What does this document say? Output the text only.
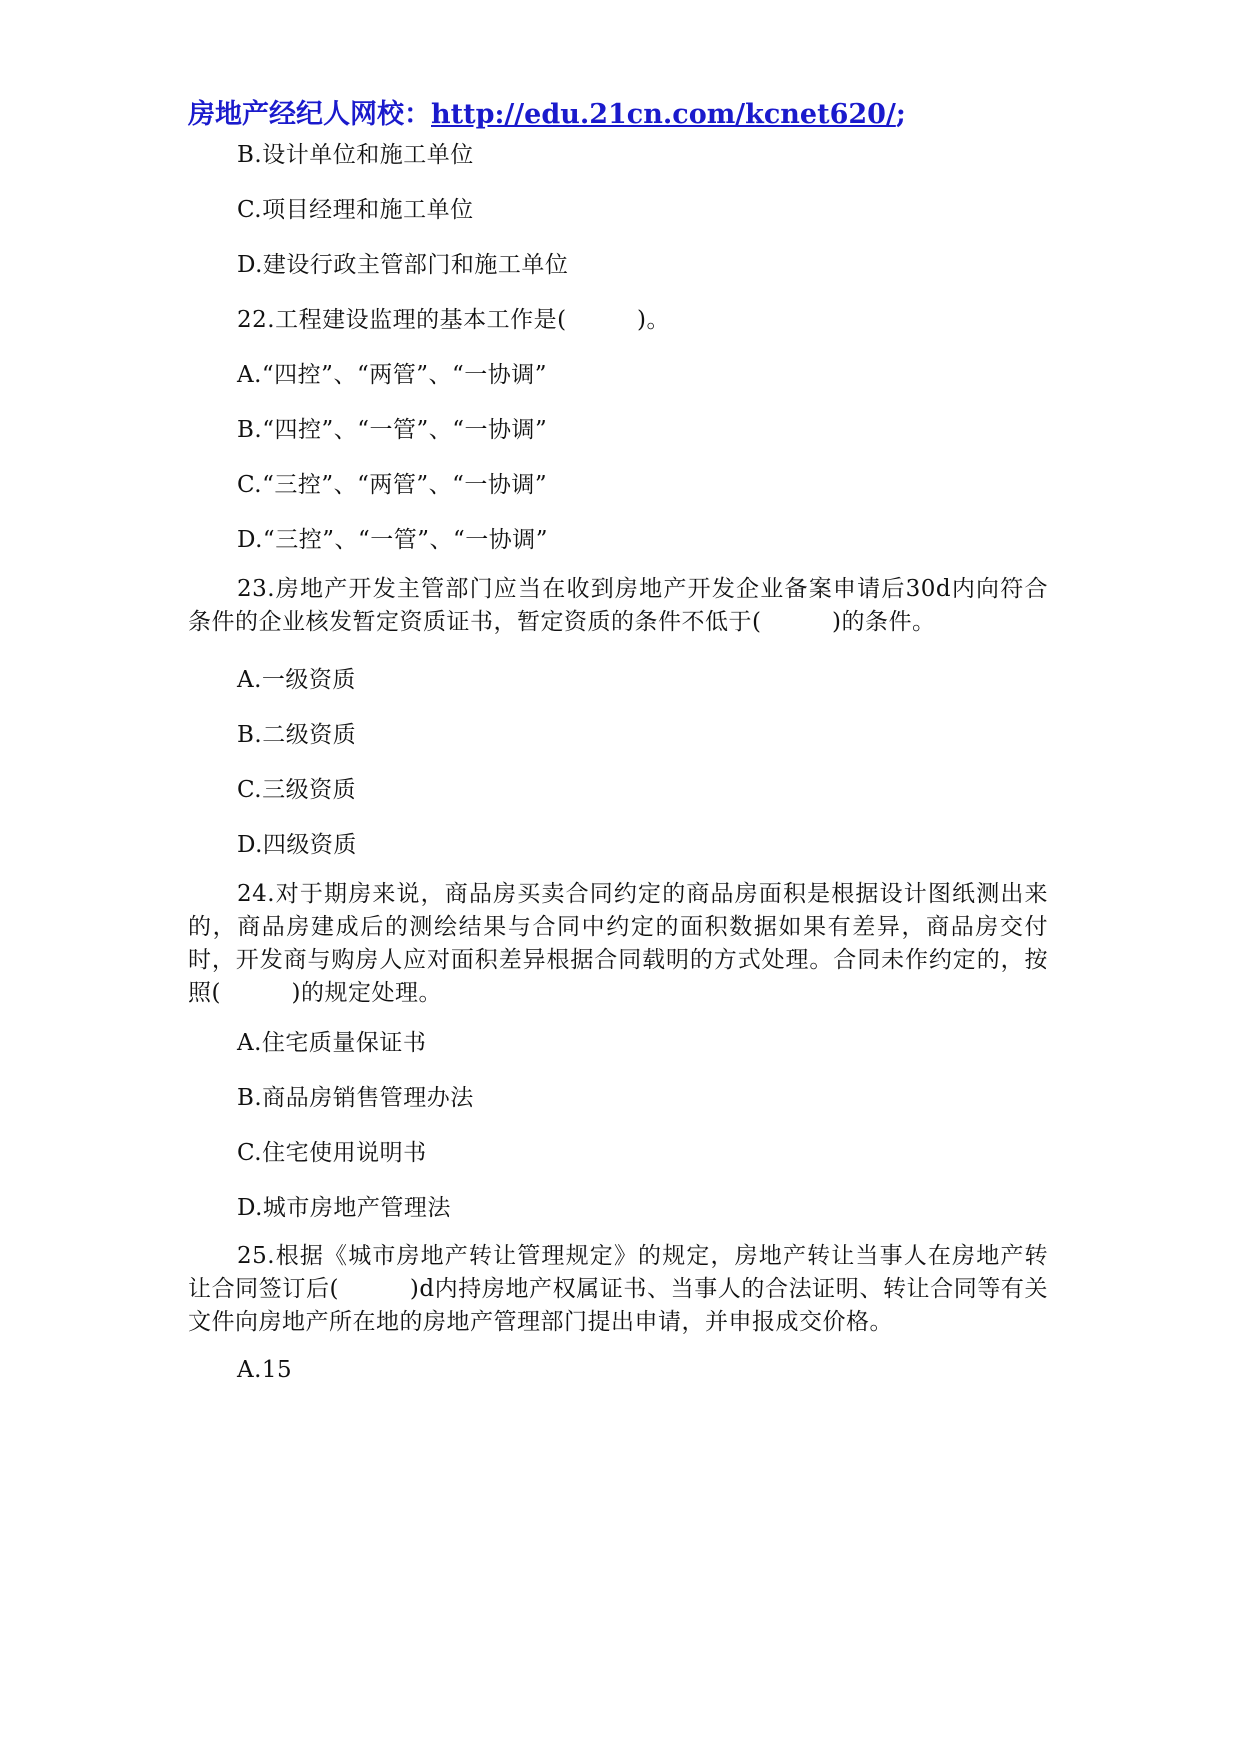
房地产经纪人网校：http://edu.21cn.com/kcnet620/;
B.设计单位和施工单位
C.项目经理和施工单位
D.建设行政主管部门和施工单位
22.工程建设监理的基本工作是(　　　)。
A.“四控”、“两管”、“一协调”
B.“四控”、“一管”、“一协调”
C.“三控”、“两管”、“一协调”
D.“三控”、“一管”、“一协调”
23.房地产开发主管部门应当在收到房地产开发企业备案申请后30d内向符合条件的企业核发暂定资质证书，暂定资质的条件不低于(　　　)的条件。
A.一级资质
B.二级资质
C.三级资质
D.四级资质
24.对于期房来说，商品房买卖合同约定的商品房面积是根据设计图纸测出来的，商品房建成后的测绘结果与合同中约定的面积数据如果有差异，商品房交付时，开发商与购房人应对面积差异根据合同载明的方式处理。合同未作约定的，按照(　　　)的规定处理。
A.住宅质量保证书
B.商品房销售管理办法
C.住宅使用说明书
D.城市房地产管理法
25.根据《城市房地产转让管理规定》的规定，房地产转让当事人在房地产转让合同签订后(　　　)d内持房地产权属证书、当事人的合法证明、转让合同等有关文件向房地产所在地的房地产管理部门提出申请，并申报成交价格。
A.15
